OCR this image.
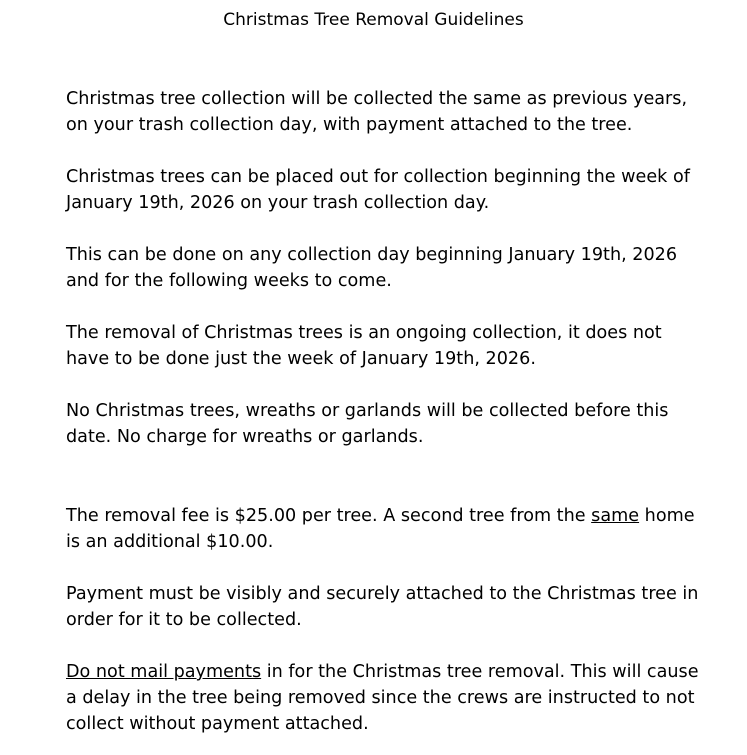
Christmas Tree Removal Guidelines

Christmas tree collection will be collected the same as previous years,
on your trash collection day, with payment attached to the tree.

Christmas trees can be placed out for collection beginning the week of
January 19th, 2026 on your trash collection day.

This can be done on any collection day beginning January 19th, 2026
and for the following weeks to come.

The removal of Christmas trees is an ongoing collection, it does not
have to be done just the week of January 19th, 2026.

No Christmas trees, wreaths or garlands will be collected before this
date. No charge for wreaths or garlands.

The removal fee is $25.00 per tree. A second tree from the same home
is an additional $10.00.

Payment must be visibly and securely attached to the Christmas tree in
order for it to be collected.

Do not mail payments in for the Christmas tree removal. This will cause
a delay in the tree being removed since the crews are instructed to not
collect without payment attached.
